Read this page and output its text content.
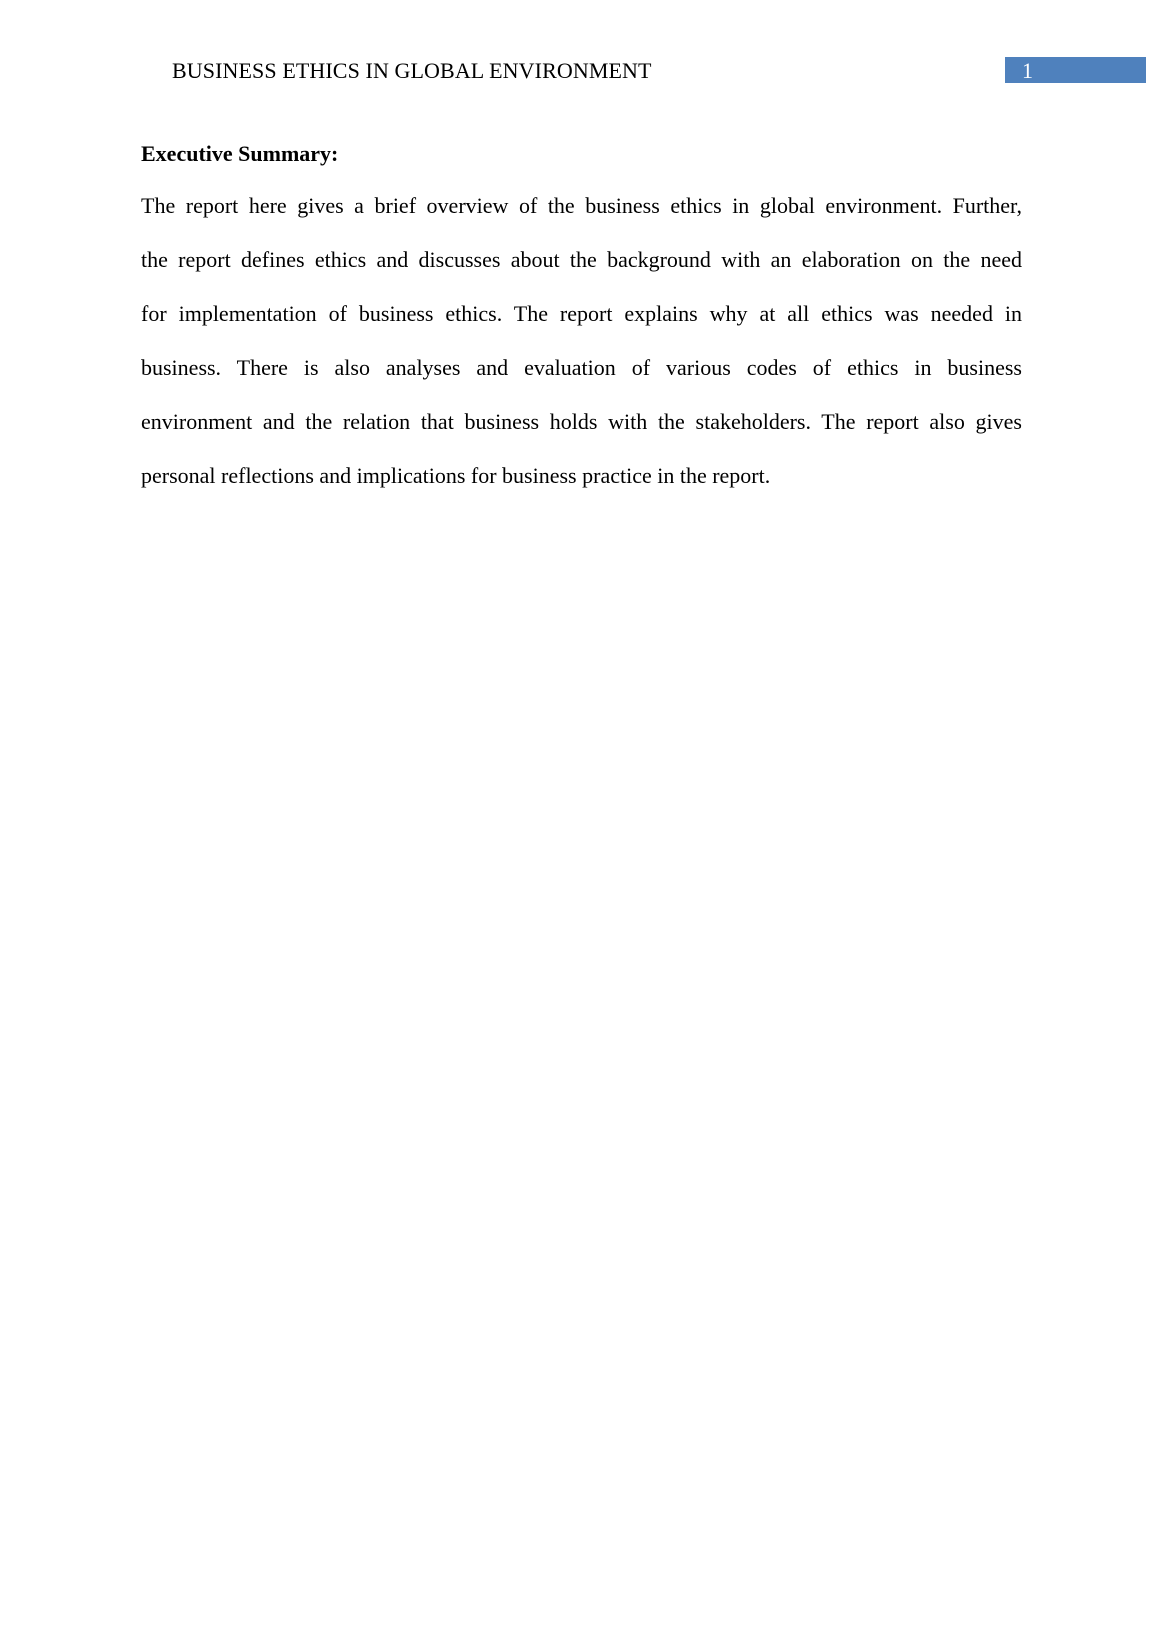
BUSINESS ETHICS IN GLOBAL ENVIRONMENT	1
Executive Summary:
The report here gives a brief overview of the business ethics in global environment. Further,
the report defines ethics and discusses about the background with an elaboration on the need
for implementation of business ethics. The report explains why at all ethics was needed in
business. There is also analyses and evaluation of various codes of ethics in business
environment and the relation that business holds with the stakeholders. The report also gives
personal reflections and implications for business practice in the report.
